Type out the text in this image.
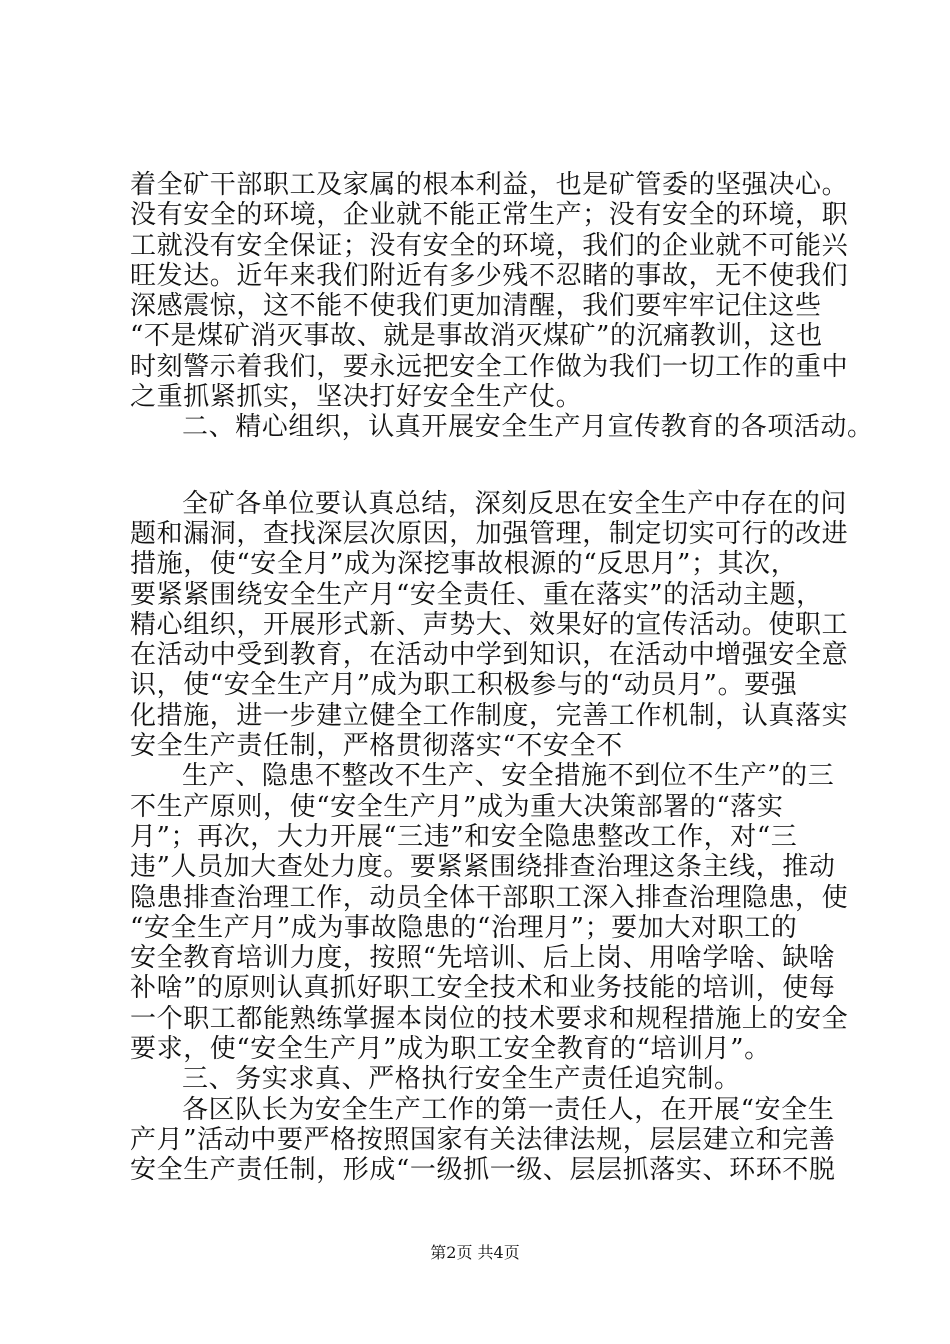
着全矿干部职工及家属的根本利益，也是矿管委的坚强决心。
没有安全的环境，企业就不能正常生产；没有安全的环境，职
工就没有安全保证；没有安全的环境，我们的企业就不可能兴
旺发达。近年来我们附近有多少残不忍睹的事故，无不使我们
深感震惊，这不能不使我们更加清醒，我们要牢牢记住这些
“不是煤矿消灭事故、就是事故消灭煤矿”的沉痛教训，这也
时刻警示着我们，要永远把安全工作做为我们一切工作的重中
之重抓紧抓实，坚决打好安全生产仗。
二、精心组织，认真开展安全生产月宣传教育的各项活动。
全矿各单位要认真总结，深刻反思在安全生产中存在的问
题和漏洞，查找深层次原因，加强管理，制定切实可行的改进
措施，使“安全月”成为深挖事故根源的“反思月”；其次，
要紧紧围绕安全生产月“安全责任、重在落实”的活动主题，
精心组织，开展形式新、声势大、效果好的宣传活动。使职工
在活动中受到教育，在活动中学到知识，在活动中增强安全意
识，使“安全生产月”成为职工积极参与的“动员月”。要强
化措施，进一步建立健全工作制度，完善工作机制，认真落实
安全生产责任制，严格贯彻落实“不安全不
生产、隐患不整改不生产、安全措施不到位不生产”的三
不生产原则，使“安全生产月”成为重大决策部署的“落实
月”；再次，大力开展“三违”和安全隐患整改工作，对“三
违”人员加大查处力度。要紧紧围绕排查治理这条主线，推动
隐患排查治理工作，动员全体干部职工深入排查治理隐患，使
“安全生产月”成为事故隐患的“治理月”；要加大对职工的
安全教育培训力度，按照“先培训、后上岗、用啥学啥、缺啥
补啥”的原则认真抓好职工安全技术和业务技能的培训，使每
一个职工都能熟练掌握本岗位的技术要求和规程措施上的安全
要求，使“安全生产月”成为职工安全教育的“培训月”。
三、务实求真、严格执行安全生产责任追究制。
各区队长为安全生产工作的第一责任人，在开展“安全生
产月”活动中要严格按照国家有关法律法规，层层建立和完善
安全生产责任制，形成“一级抓一级、层层抓落实、环环不脱
第2页 共4页
